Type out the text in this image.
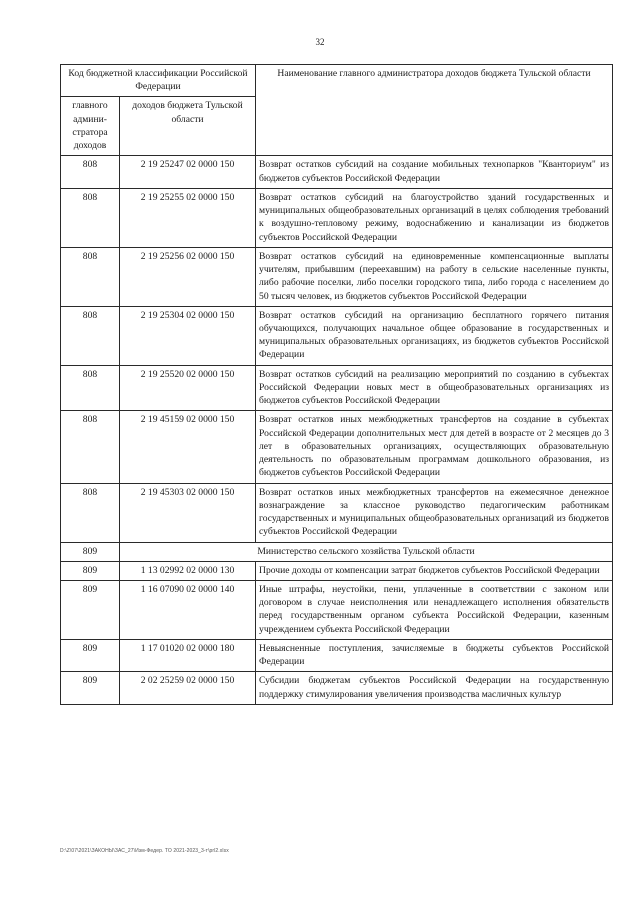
32
Код бюджетной классификации Российской Федерации		Наименование главного администратора доходов бюджета Тульской области
главного админи-стратора доходов	доходов бюджета Тульской области	
808	2 19 25247 02 0000 150	Возврат остатков субсидий на создание мобильных технопарков "Кванториум" из бюджетов субъектов Российской Федерации
808	2 19 25255 02 0000 150	Возврат остатков субсидий на благоустройство зданий государственных и муниципальных общеобразовательных организаций в целях соблюдения требований к воздушно-тепловому режиму, водоснабжению и канализации из бюджетов субъектов Российской Федерации
808	2 19 25256 02 0000 150	Возврат остатков субсидий на единовременные компенсационные выплаты учителям, прибывшим (переехавшим) на работу в сельские населенные пункты, либо рабочие поселки, либо поселки городского типа, либо города с населением до 50 тысяч человек, из бюджетов субъектов Российской Федерации
808	2 19 25304 02 0000 150	Возврат остатков субсидий на организацию бесплатного горячего питания обучающихся, получающих начальное общее образование в государственных и муниципальных образовательных организациях, из бюджетов субъектов Российской Федерации
808	2 19 25520 02 0000 150	Возврат остатков субсидий на реализацию мероприятий по созданию в субъектах Российской Федерации новых мест в общеобразовательных организациях из бюджетов субъектов Российской Федерации
808	2 19 45159 02 0000 150	Возврат остатков иных межбюджетных трансфертов на создание в субъектах Российской Федерации дополнительных мест для детей в возрасте от 2 месяцев до 3 лет в образовательных организациях, осуществляющих образовательную деятельность по образовательным программам дошкольного образования, из бюджетов субъектов Российской Федерации
808	2 19 45303 02 0000 150	Возврат остатков иных межбюджетных трансфертов на ежемесячное денежное вознаграждение за классное руководство педагогическим работникам государственных и муниципальных общеобразовательных организаций из бюджетов субъектов Российской Федерации
809	Министерство сельского хозяйства Тульской области	
809	1 13 02992 02 0000 130	Прочие доходы от компенсации затрат бюджетов субъектов Российской Федерации
809	1 16 07090 02 0000 140	Иные штрафы, неустойки, пени, уплаченные в соответствии с законом или договором в случае неисполнения или ненадлежащего исполнения обязательств перед государственным органом субъекта Российской Федерации, казенным учреждением субъекта Российской Федерации
809	1 17 01020 02 0000 180	Невыясненные поступления, зачисляемые в бюджеты субъектов Российской Федерации
809	2 02 25259 02 0000 150	Субсидии бюджетам субъектов Российской Федерации на государственную поддержку стимулирования увеличения производства масличных культур
D:\Z\07\2021\ЗАКОНЫ\ЗАС_27\Изм-Федер. ТО 2021-2023_3-т\prl2.xlsx
